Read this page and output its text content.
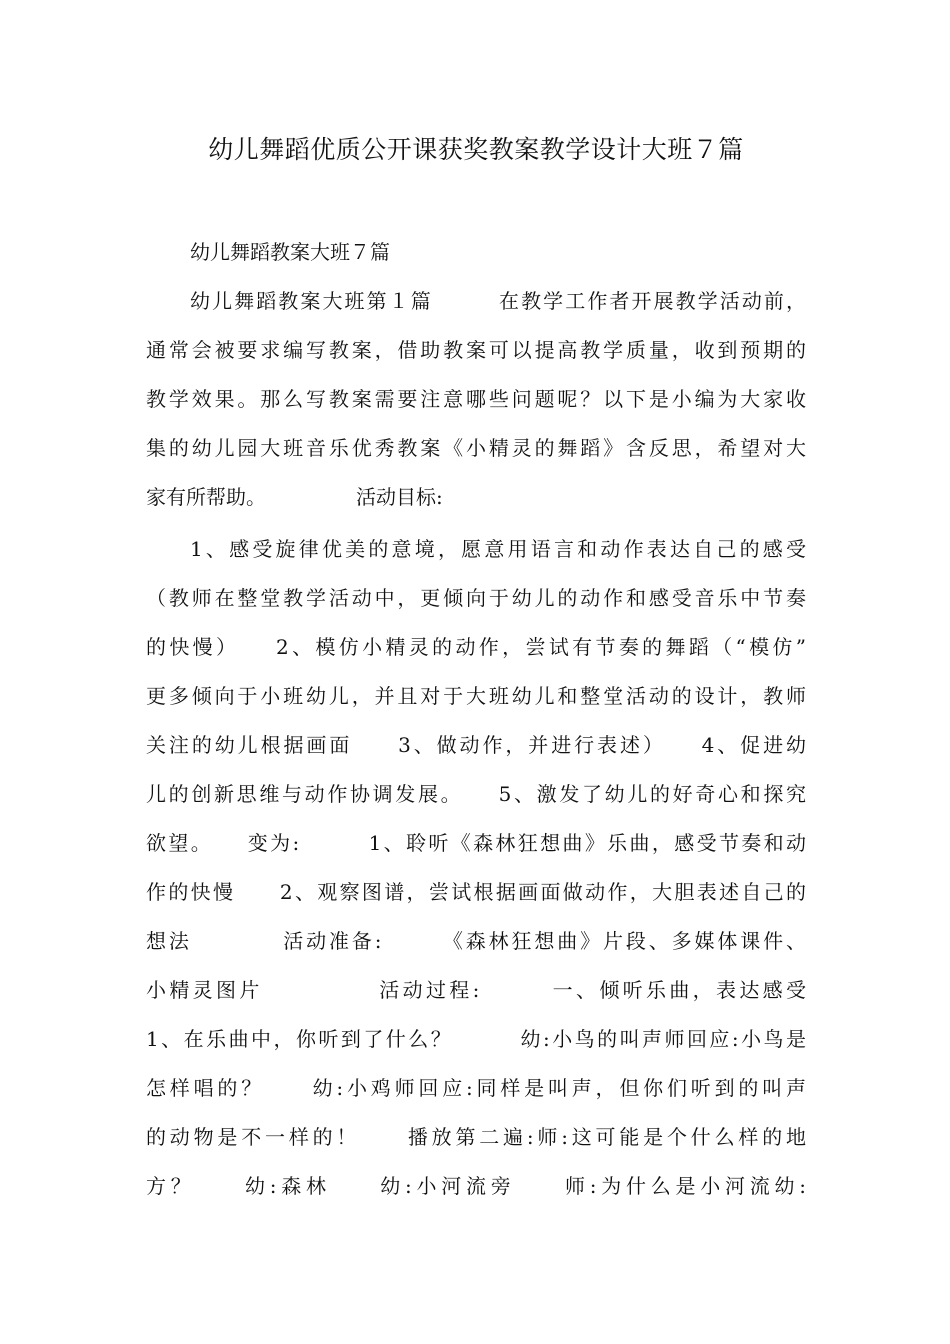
幼儿舞蹈优质公开课获奖教案教学设计大班７篇
幼儿舞蹈教案大班７篇
幼儿舞蹈教案大班第１篇　　　在教学工作者开展教学活动前，
通常会被要求编写教案，借助教案可以提高教学质量，收到预期的
教学效果。那么写教案需要注意哪些问题呢？以下是小编为大家收
集的幼儿园大班音乐优秀教案《小精灵的舞蹈》含反思，希望对大
家有所帮助。　　　　　活动目标:
1、感受旋律优美的意境，愿意用语言和动作表达自己的感受
（教师在整堂教学活动中，更倾向于幼儿的动作和感受音乐中节奏
的快慢）　　2、模仿小精灵的动作，尝试有节奏的舞蹈（“模仿”
更多倾向于小班幼儿，并且对于大班幼儿和整堂活动的设计，教师
关注的幼儿根据画面　　3、做动作，并进行表述）　　4、促进幼
儿的创新思维与动作协调发展。　　5、激发了幼儿的好奇心和探究
欲望。　　变为:　　　1、聆听《森林狂想曲》乐曲，感受节奏和动
作的快慢　　2、观察图谱，尝试根据画面做动作，大胆表述自己的
想法　　　　活动准备:　　　《森林狂想曲》片段、多媒体课件、
小精灵图片　　　　　活动过程:　　　一、倾听乐曲，表达感受
1、在乐曲中，你听到了什么？　　　幼:小鸟的叫声师回应:小鸟是
怎样唱的？　　幼:小鸡师回应:同样是叫声，但你们听到的叫声
的动物是不一样的！　　播放第二遍:师:这可能是个什么样的地
方？　　幼:森林　　幼:小河流旁　　师:为什么是小河流幼:
